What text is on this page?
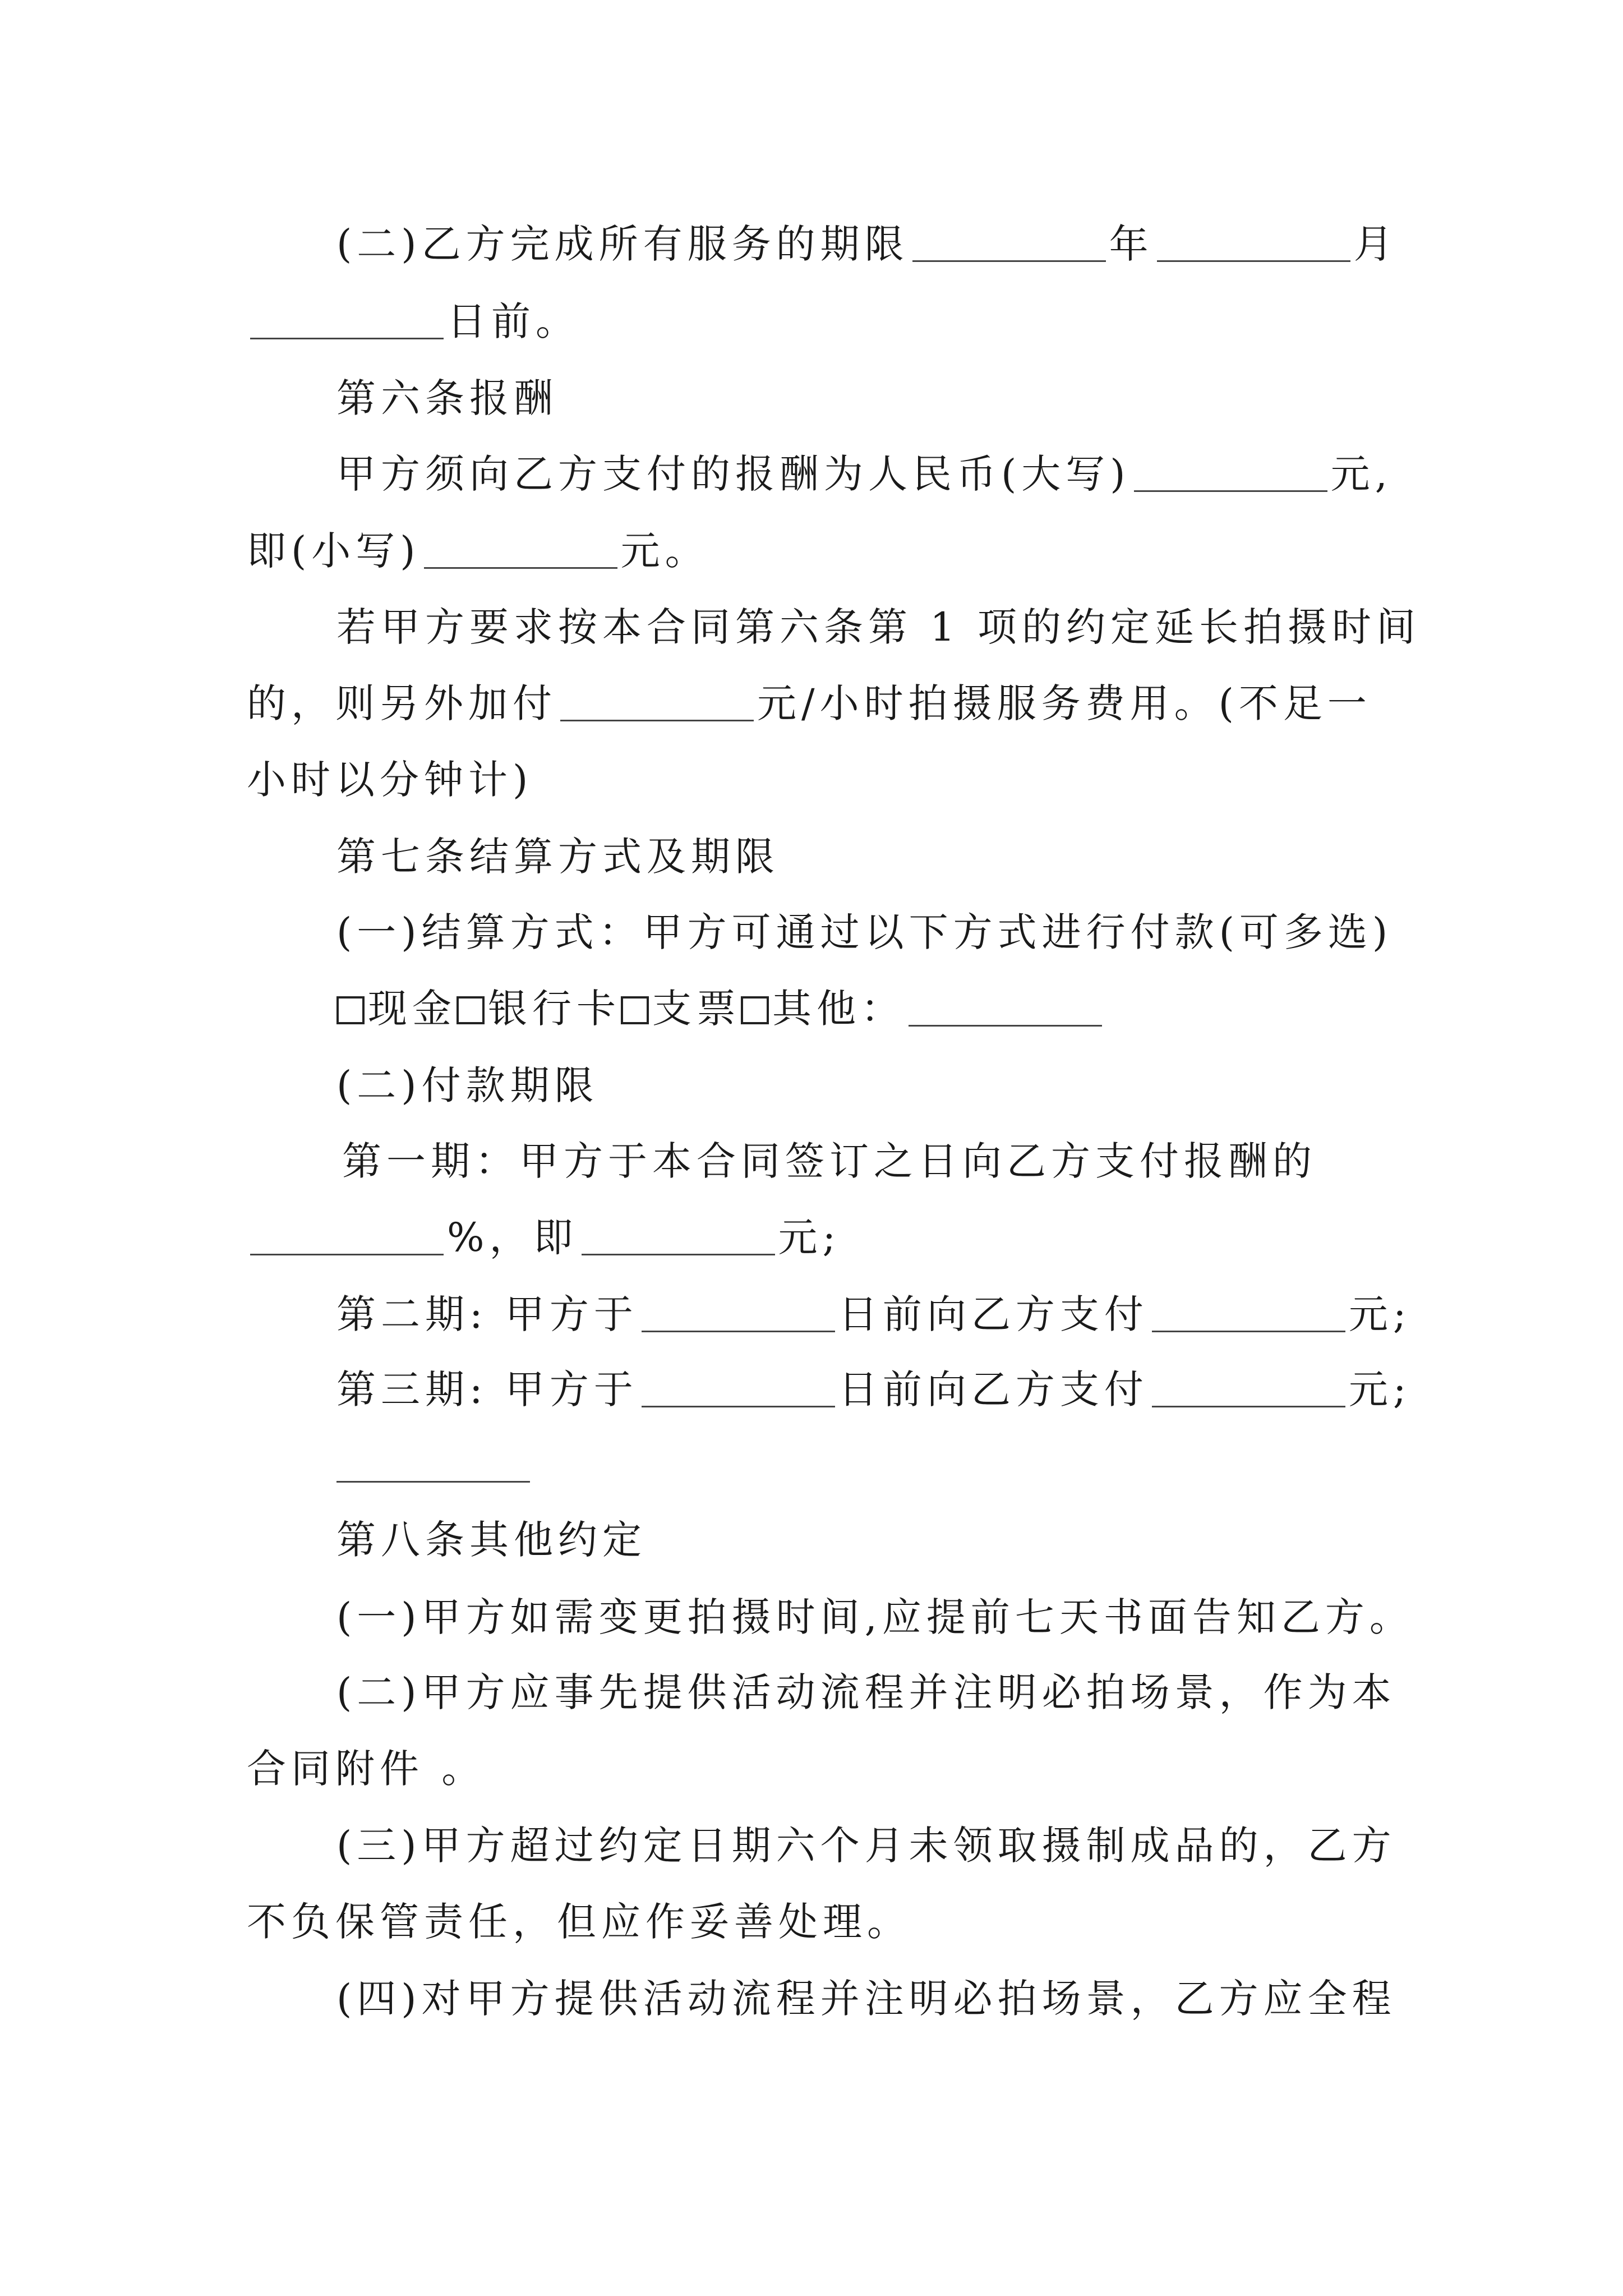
(二)乙方完成所有服务的期限	年	月
日前。
第六条报酬
甲方须向乙方支付的报酬为人民币(大写)	元,
即(小写)	元。
若甲方要求按本合同第六条第 1 项的约定延长拍摄时间
的，则另外加付	元/小时拍摄服务费用。(不足一
小时以分钟计)
第七条结算方式及期限
(一)结算方式：甲方可通过以下方式进行付款(可多选)
现金 银行卡 支票 其他：
(二)付款期限
第一期：甲方于本合同签订之日向乙方支付报酬的
%，即	元;
第二期: 甲方于	日前向乙方支付	元;
第三期: 甲方于	日前向乙方支付	元;
第八条其他约定
(一)甲方如需变更拍摄时间,应提前七天书面告知乙方。
(二)甲方应事先提供活动流程并注明必拍场景，作为本
合同附件 。
(三)甲方超过约定日期六个月未领取摄制成品的，乙方
不负保管责任，但应作妥善处理。
(四)对甲方提供活动流程并注明必拍场景，乙方应全程
